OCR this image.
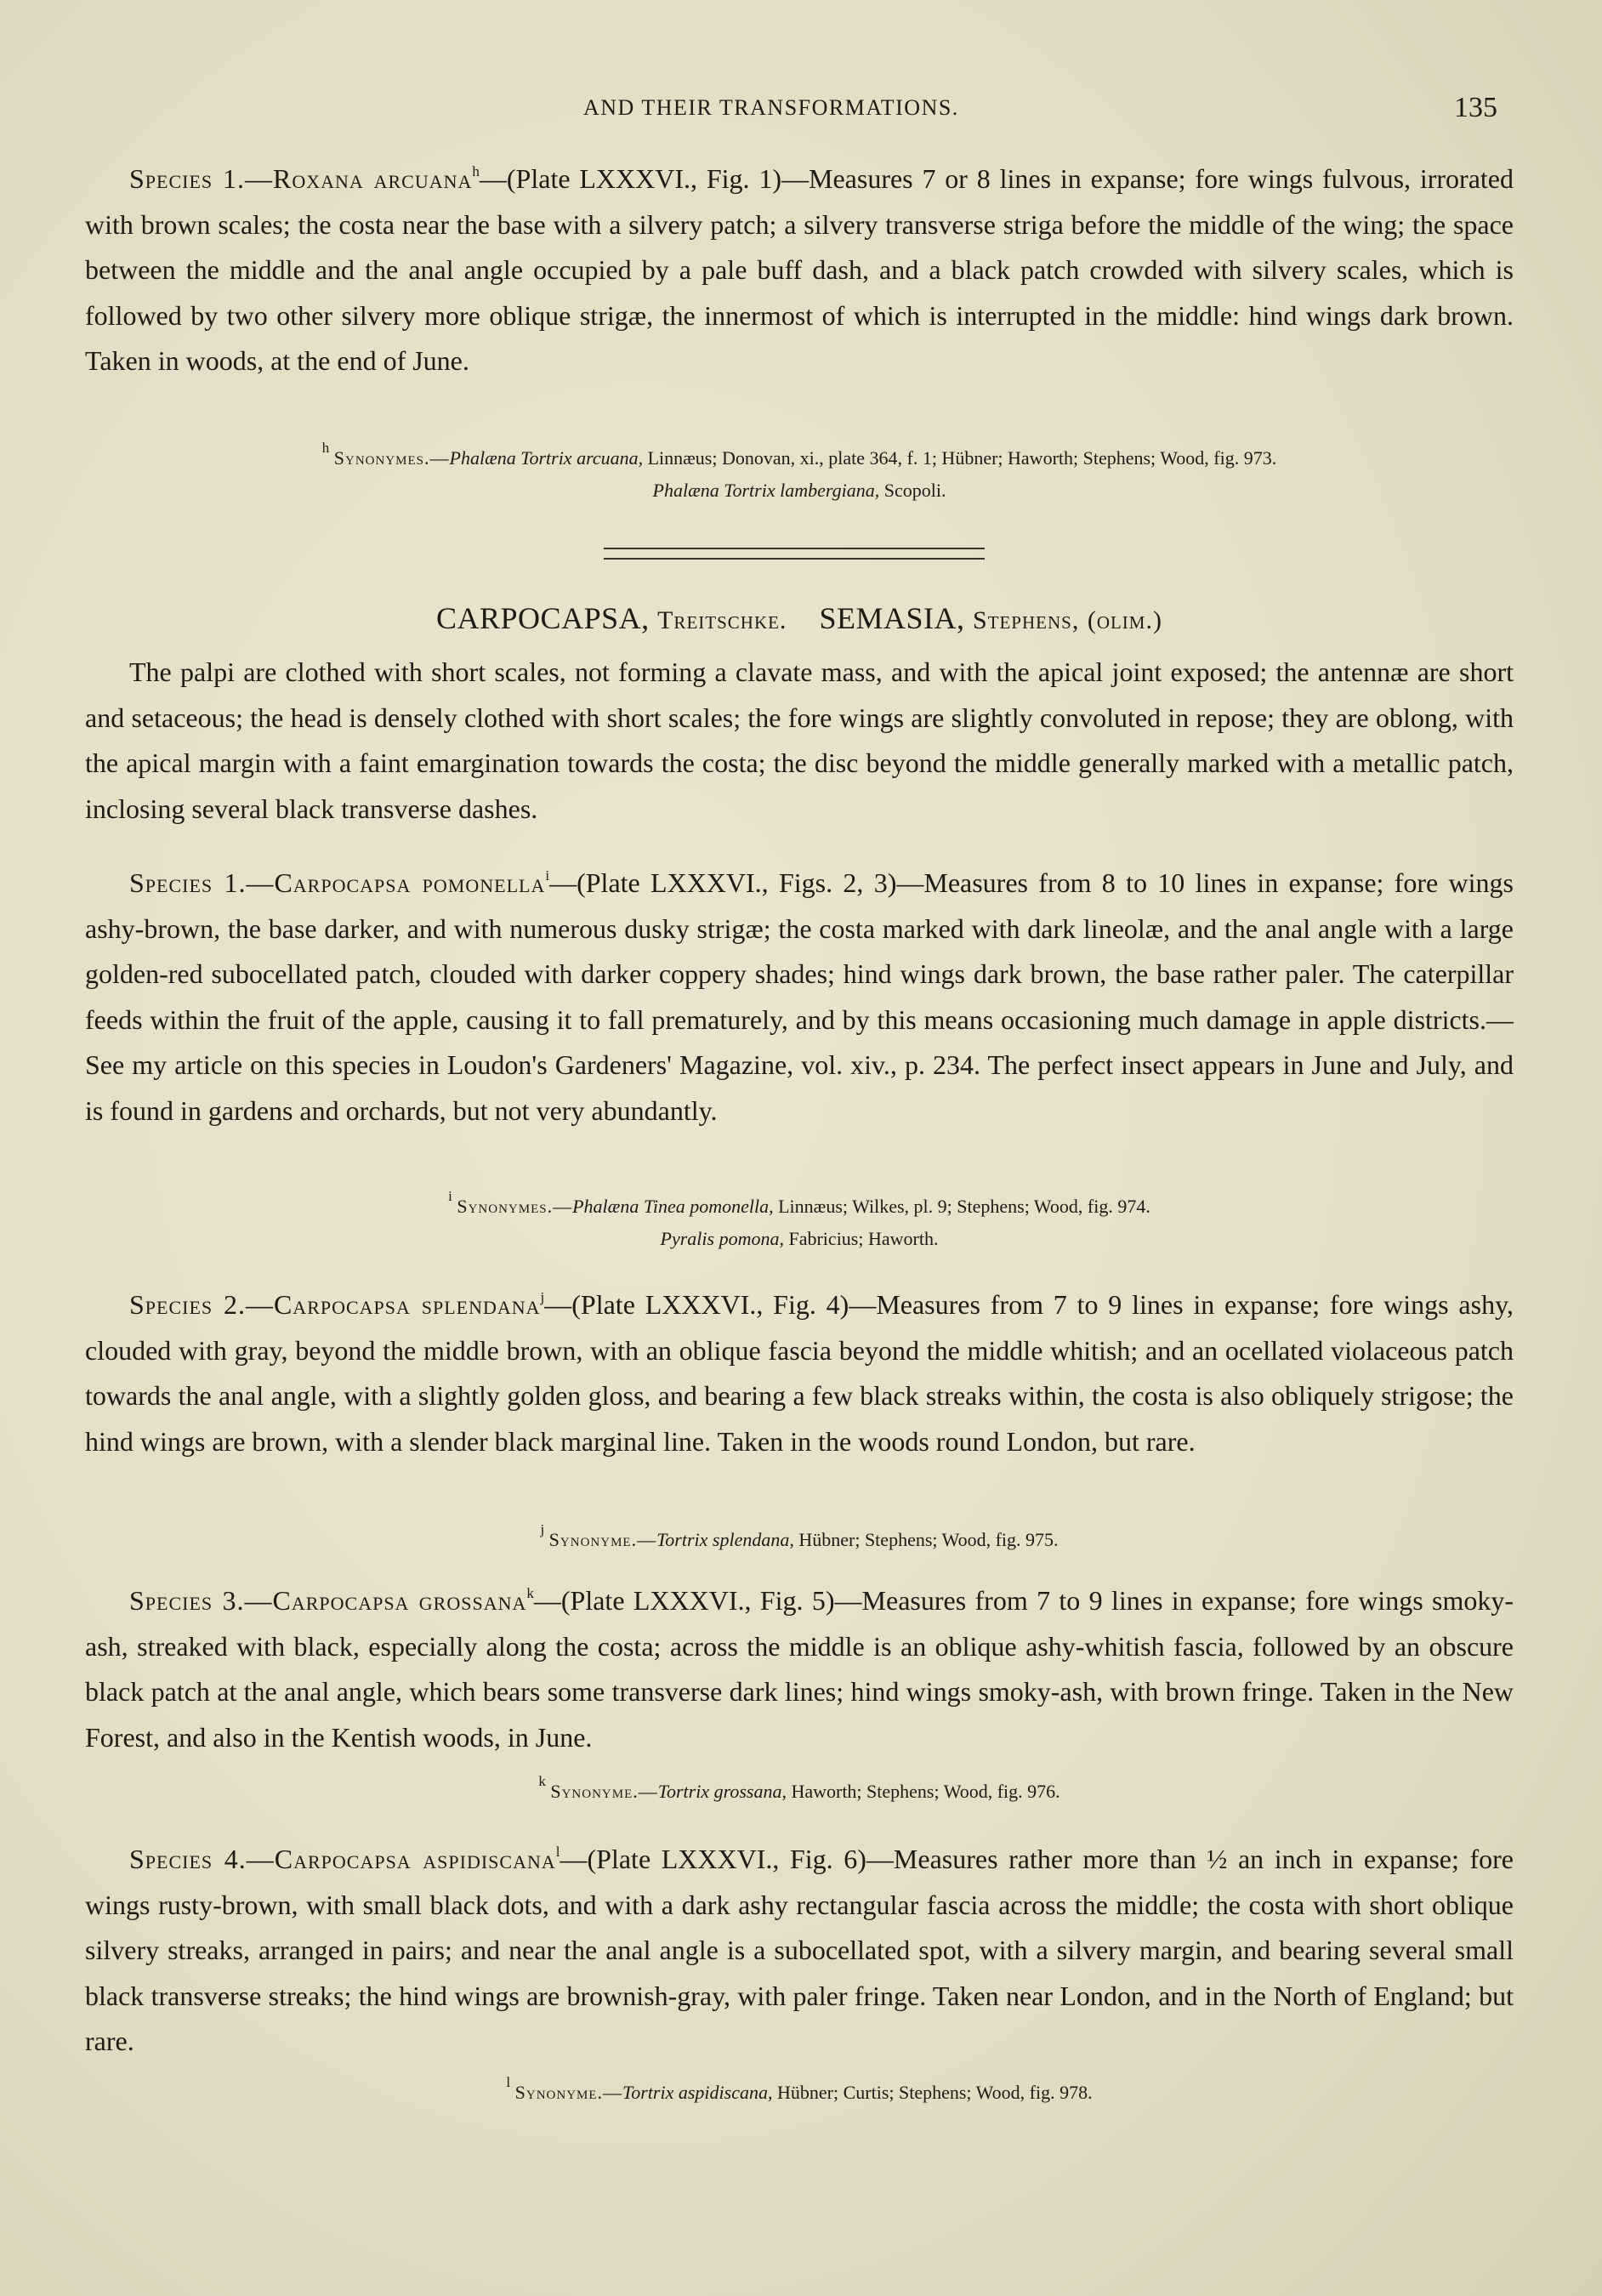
AND THEIR TRANSFORMATIONS.	135

Species 1.—Roxana arcuana$^h$—(Plate LXXXVI., Fig. 1)—Measures 7 or 8 lines in expanse; fore wings fulvous, irrorated with brown scales; the costa near the base with a silvery patch; a silvery transverse striga before the middle of the wing; the space between the middle and the anal angle occupied by a pale buff dash, and a black patch crowded with silvery scales, which is followed by two other silvery more oblique strigæ, the innermost of which is interrupted in the middle: hind wings dark brown. Taken in woods, at the end of June.

$^h$ Synonymes.—Phalæna Tortrix arcuana, Linnæus; Donovan, xi., plate 364, f. 1; Hübner; Haworth; Stephens; Wood, fig. 973.
Phalæna Tortrix lambergiana, Scopoli.
CARPOCAPSA, Treitschke. SEMASIA, Stephens, (olim.)

The palpi are clothed with short scales, not forming a clavate mass, and with the apical joint exposed; the antennæ are short and setaceous; the head is densely clothed with short scales; the fore wings are slightly convoluted in repose; they are oblong, with the apical margin with a faint emargination towards the costa; the disc beyond the middle generally marked with a metallic patch, inclosing several black transverse dashes.

Species 1.—Carpocapsa pomonella$^i$—(Plate LXXXVI., Figs. 2, 3)—Measures from 8 to 10 lines in expanse; fore wings ashy-brown, the base darker, and with numerous dusky strigæ; the costa marked with dark lineolæ, and the anal angle with a large golden-red subocellated patch, clouded with darker coppery shades; hind wings dark brown, the base rather paler. The caterpillar feeds within the fruit of the apple, causing it to fall prematurely, and by this means occasioning much damage in apple districts.—See my article on this species in Loudon's Gardeners' Magazine, vol. xiv., p. 234. The perfect insect appears in June and July, and is found in gardens and orchards, but not very abundantly.

$^i$ Synonymes.—Phalæna Tinea pomonella, Linnæus; Wilkes, pl. 9; Stephens; Wood, fig. 974.
Pyralis pomona, Fabricius; Haworth.

Species 2.—Carpocapsa splendana$^j$—(Plate LXXXVI., Fig. 4)—Measures from 7 to 9 lines in expanse; fore wings ashy, clouded with gray, beyond the middle brown, with an oblique fascia beyond the middle whitish; and an ocellated violaceous patch towards the anal angle, with a slightly golden gloss, and bearing a few black streaks within, the costa is also obliquely strigose; the hind wings are brown, with a slender black marginal line. Taken in the woods round London, but rare.

$^j$ Synonyme.—Tortrix splendana, Hübner; Stephens; Wood, fig. 975.

Species 3.—Carpocapsa grossana$^k$—(Plate LXXXVI., Fig. 5)—Measures from 7 to 9 lines in expanse; fore wings smoky-ash, streaked with black, especially along the costa; across the middle is an oblique ashy-whitish fascia, followed by an obscure black patch at the anal angle, which bears some transverse dark lines; hind wings smoky-ash, with brown fringe. Taken in the New Forest, and also in the Kentish woods, in June.

$^k$ Synonyme.—Tortrix grossana, Haworth; Stephens; Wood, fig. 976.

Species 4.—Carpocapsa aspidiscana$^l$—(Plate LXXXVI., Fig. 6)—Measures rather more than ½ an inch in expanse; fore wings rusty-brown, with small black dots, and with a dark ashy rectangular fascia across the middle; the costa with short oblique silvery streaks, arranged in pairs; and near the anal angle is a subocellated spot, with a silvery margin, and bearing several small black transverse streaks; the hind wings are brownish-gray, with paler fringe. Taken near London, and in the North of England; but rare.

$^l$ Synonyme.—Tortrix aspidiscana, Hübner; Curtis; Stephens; Wood, fig. 978.
